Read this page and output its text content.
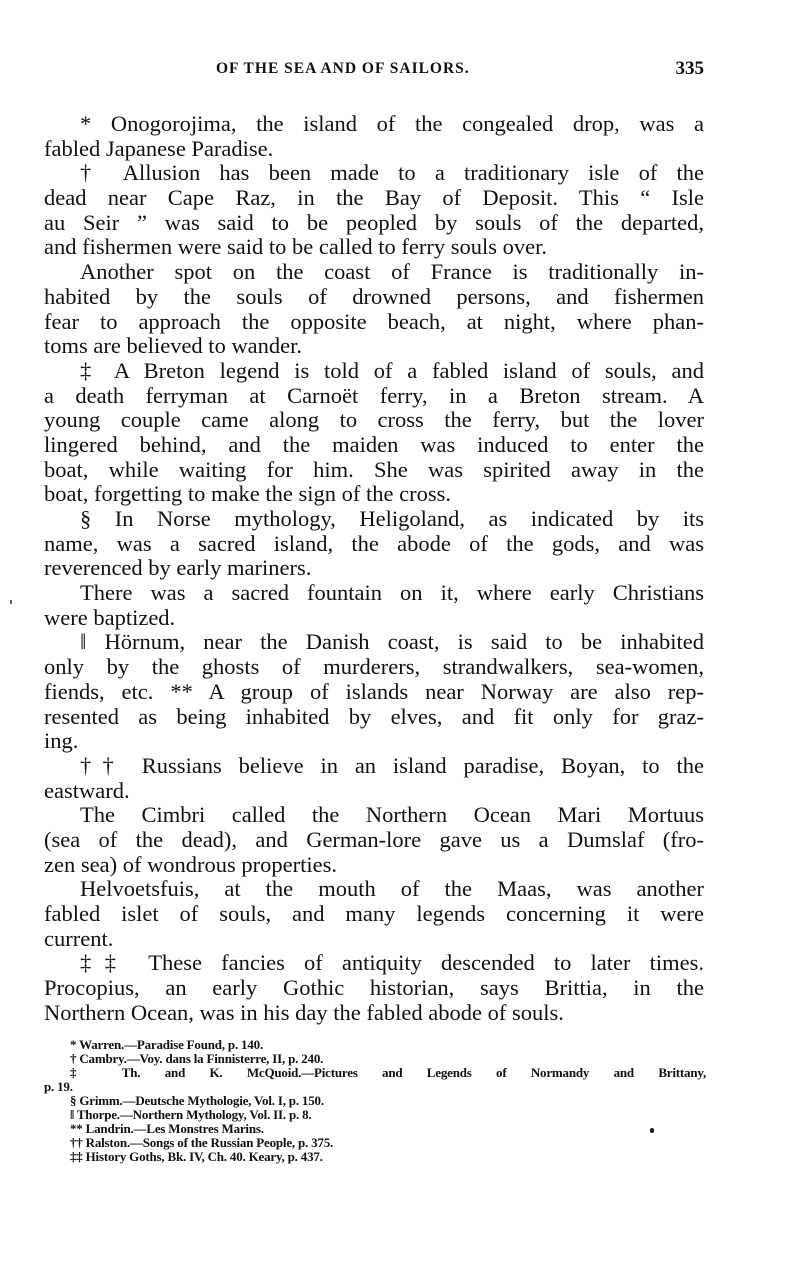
OF THE SEA AND OF SAILORS.	335
* Onogorojima, the island of the congealed drop, was a
fabled Japanese Paradise.
† Allusion has been made to a traditionary isle of the
dead near Cape Raz, in the Bay of Deposit. This “ Isle
au Seir ” was said to be peopled by souls of the departed,
and fishermen were said to be called to ferry souls over.
Another spot on the coast of France is traditionally in-
habited by the souls of drowned persons, and fishermen
fear to approach the opposite beach, at night, where phan-
toms are believed to wander.
‡ A Breton legend is told of a fabled island of souls, and
a death ferryman at Carnoët ferry, in a Breton stream. A
young couple came along to cross the ferry, but the lover
lingered behind, and the maiden was induced to enter the
boat, while waiting for him. She was spirited away in the
boat, forgetting to make the sign of the cross.
§ In Norse mythology, Heligoland, as indicated by its
name, was a sacred island, the abode of the gods, and was
reverenced by early mariners.
There was a sacred fountain on it, where early Christians
were baptized.
‖ Hörnum, near the Danish coast, is said to be inhabited
only by the ghosts of murderers, strandwalkers, sea-women,
fiends, etc. ** A group of islands near Norway are also rep-
resented as being inhabited by elves, and fit only for graz-
ing.
†† Russians believe in an island paradise, Boyan, to the
eastward.
The Cimbri called the Northern Ocean Mari Mortuus
(sea of the dead), and German-lore gave us a Dumslaf (fro-
zen sea) of wondrous properties.
Helvoetsfuis, at the mouth of the Maas, was another
fabled islet of souls, and many legends concerning it were
current.
‡‡ These fancies of antiquity descended to later times.
Procopius, an early Gothic historian, says Brittia, in the
Northern Ocean, was in his day the fabled abode of souls.
* Warren.—Paradise Found, p. 140.
† Cambry.—Voy. dans la Finnisterre, II, p. 240.
‡ Th. and K. McQuoid.—Pictures and Legends of Normandy and Brittany,
p. 19.
§ Grimm.—Deutsche Mythologie, Vol. I, p. 150.
‖ Thorpe.—Northern Mythology, Vol. II. p. 8.
** Landrin.—Les Monstres Marins.
†† Ralston.—Songs of the Russian People, p. 375.
‡‡ History Goths, Bk. IV, Ch. 40. Keary, p. 437.
